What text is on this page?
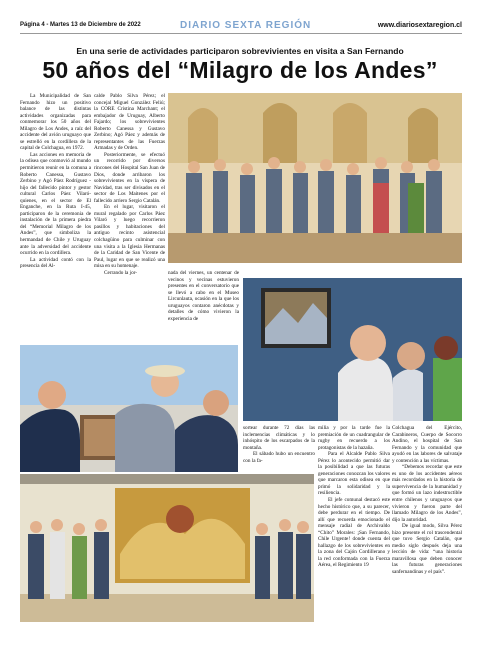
Página 4 - Martes 13 de Diciembre de 2022	DIARIO SEXTA REGIÓN	www.diariosextaregion.cl
En una serie de actividades participaron sobrevivientes en visita a San Fernando
50 años del “Milagro de los Andes”

La Municipalidad de San Fernando hizo un positivo balance de las distintas actividades organizadas para conmemorar los 50 años del Milagro de Los Andes, a raíz del accidente del avión uruguayo que se estrelló en la cordillera de la capital de Colchagua, en 1972.

Las acciones en memoria de la odisea que conmovió al mundo permitieron reunir en la comuna a Roberto Canessa, Gustavo Zerbino y Agó Páez Rodríguez -hijo del fallecido pintor y gestor cultural Carlos Páez Vilaró- quienes, en el sector de El Enganche, en la Ruta I-45, participaron de la ceremonia de instalación de la primera piedra del “Memorial Milagro de los Andes”, que simboliza la hermandad de Chile y Uruguay ante la adversidad del accidente ocurrido en la cordillera.

La actividad contó con la presencia del Al-

calde Pablo Silva Pérez; el concejal Miguel González Feliú; la CORE Cristina Marchant; el embajador de Uruguay, Alberto Fajardo; los sobrevivientes Roberto Canessa y Gustavo Zerbino; Agó Páez y además de representantes de las Fuerzas Armadas y de Orden.

Posteriormente, se efectuó un recorrido por diversos rincones del Hospital San Juan de Dios, donde arribaron los sobrevivientes en la víspera de Navidad, tras ser divisados en el sector de Los Maitenes por el fallecido arriero Sergio Catalán.

En el lugar, visitaron el mural regalado por Carlos Páez Vilaró y luego recorrieron pasillos y habitaciones del antiguo recinto asistencial colchagüino para culminar con una visita a la Iglesia Hermanas de la Caridad de San Vicente de Paul, lugar en que se realizó una misa en su homenaje.

Cerrando la jor-	nada del viernes, un centenar de vecinos y vecinas estuvieron presentes en el conversatorio que se llevó a cabo en el Museo Lircunlauta, ocasión en la que los uruguayos contaron anécdotas y detalles de cómo vivieron la experiencia de

sortear durante 72 días las inclemencias climáticas y lo inhóspito de los escarpados de la montaña.

El sábado hubo un encuentro con la fa-

milia y por la tarde fue la premiación de un cuadrangular de rugby en recuerdo a los protagonistas de la hazaña.

Para el Alcalde Pablo Silva Pérez lo acontecido permitió dar la posibilidad a que las futuras generaciones conozcan los valores que marcaron esta odisea en que primó la solidaridad y la resiliencia.

El jefe comunal destacó este hecho histórico que, a su parecer, debe perdurar en el tiempo. De allí que recuerda emocionado el mensaje radial de Archivaldo “Chito” Morales: ¡San Fernando, Chile Urgente! donde cuenta del hallazgo de los sobrevivientes en la zona del Cajón Cordillerano y la red conformada con la Fuerza Aérea, el Regimiento 19

Colchagua del Ejército, Carabineros, Cuerpo de Socorro Andino, el hospital de San Fernando y la comunidad que ayudó en las labores de salvataje y contención a las víctimas.

“Debemos recordar que este es uno de los accidentes aéreos más recordados en la historia de supervivencia de la humanidad y que formó un lazo indestructible entre chilenos y uruguayos que vivieron y fueron parte del llamado Milagro de los Andes”, dijo la autoridad.

De igual modo, Silva Pérez hizo presente el rol trascendental que tuvo Sergio Catalán, que medio siglo después deja una lección de vida: “una historia maravillosa que deben conocer las futuras generaciones sanfernandinas y el país”.
